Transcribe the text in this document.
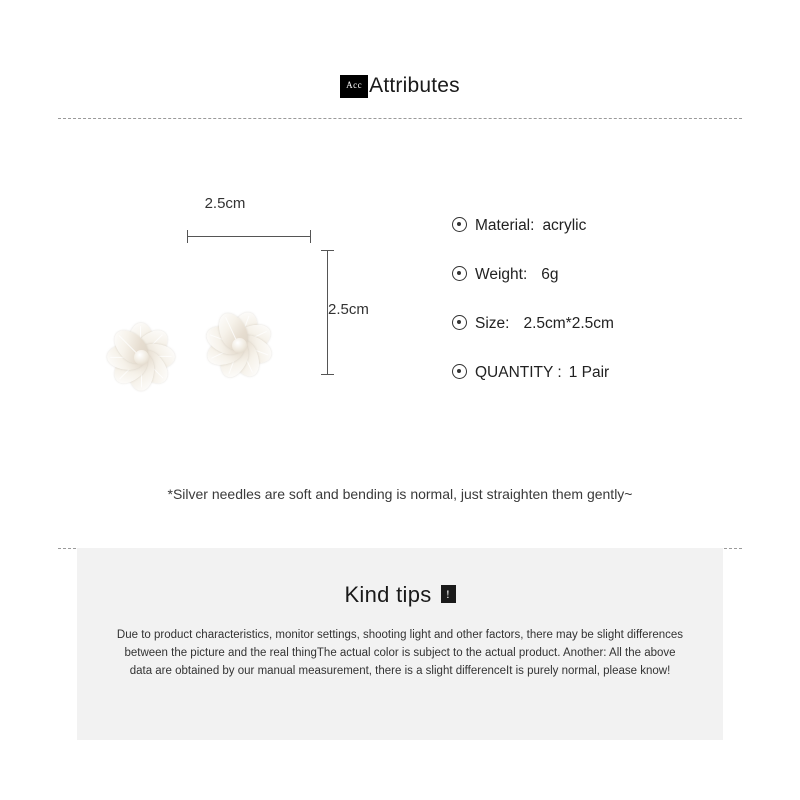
Acc Attributes
2.5cm
2.5cm
Material: acrylic
Weight: 6g
Size: 2.5cm*2.5cm
QUANTITY : 1 Pair
*Silver needles are soft and bending is normal, just straighten them gently~
Kind tips	!
Due to product characteristics, monitor settings, shooting light and other factors, there may be slight differences between the picture and the real thingThe actual color is subject to the actual product. Another: All the above data are obtained by our manual measurement, there is a slight differenceIt is purely normal, please know!
